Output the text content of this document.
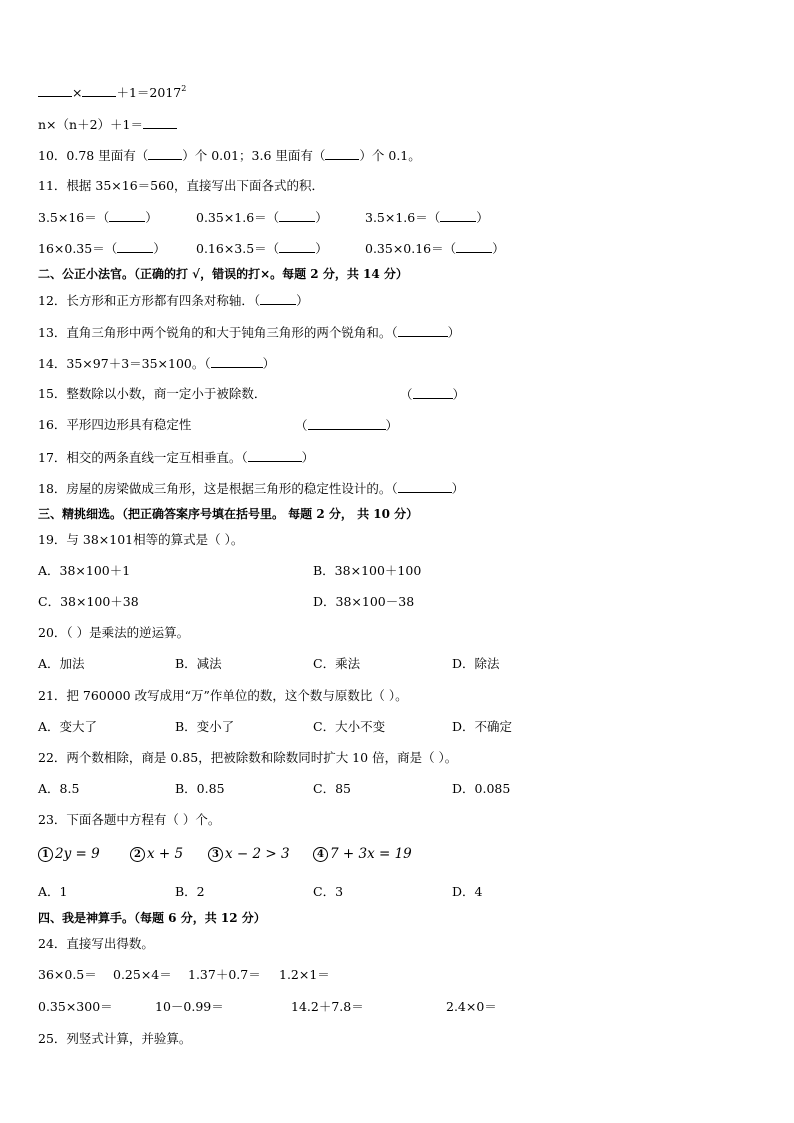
×	$+1=2017^2$
n×（n＋2）＋1＝
10．0.78 里面有（	）个 0.01；3.6 里面有（	）个 0.1。
11．根据 35×16＝560，直接写出下面各式的积．
3.5×16＝（	）	0.35×1.6＝（	）	3.5×1.6＝（	）
16×0.35＝（	） 0.16×3.5＝（	）	0.35×0.16＝（	）
二、公正小法官。（正确的打 √，错误的打×。每题 2 分，共 14 分）
12．长方形和正方形都有四条对称轴．（	）
13．直角三角形中两个锐角的和大于钝角三角形的两个锐角和。（	）
14．35×97＋3＝35×100。（	）
15．整数除以小数，商一定小于被除数．	（	）
16．平形四边形具有稳定性	（	）
17．相交的两条直线一定互相垂直。（	）
18．房屋的房梁做成三角形，这是根据三角形的稳定性设计的。（	）
三、精挑细选。（把正确答案序号填在括号里。 每题 2 分， 共 10 分）
19．与 38×101相等的算式是（ ）。
A．38×100＋1	B．38×100＋100
C．38×100＋38	D．38×100－38
20．（ ）是乘法的逆运算。
A．加法	B．减法	C．乘法	D．除法
21．把 760000 改写成用“万”作单位的数，这个数与原数比（ ）。
A．变大了	B．变小了	C．大小不变	D．不确定
22．两个数相除，商是 0.85，把被除数和除数同时扩大 10 倍，商是（ ）。
A．8.5	B．0.85	C．85	D．0.085
23．下面各题中方程有（ ）个。
1 2y = 9	2 x + 5	3 x − 2 > 3	4 7 + 3x = 19
A．1	B．2	C．3	D．4
四、我是神算手。（每题 6 分，共 12 分）
24．直接写出得数。
36×0.5＝ 0.25×4＝ 1.37＋0.7＝ 1.2×1＝
0.35×300＝	10－0.99＝	14.2＋7.8＝	2.4×0＝
25．列竖式计算，并验算。
